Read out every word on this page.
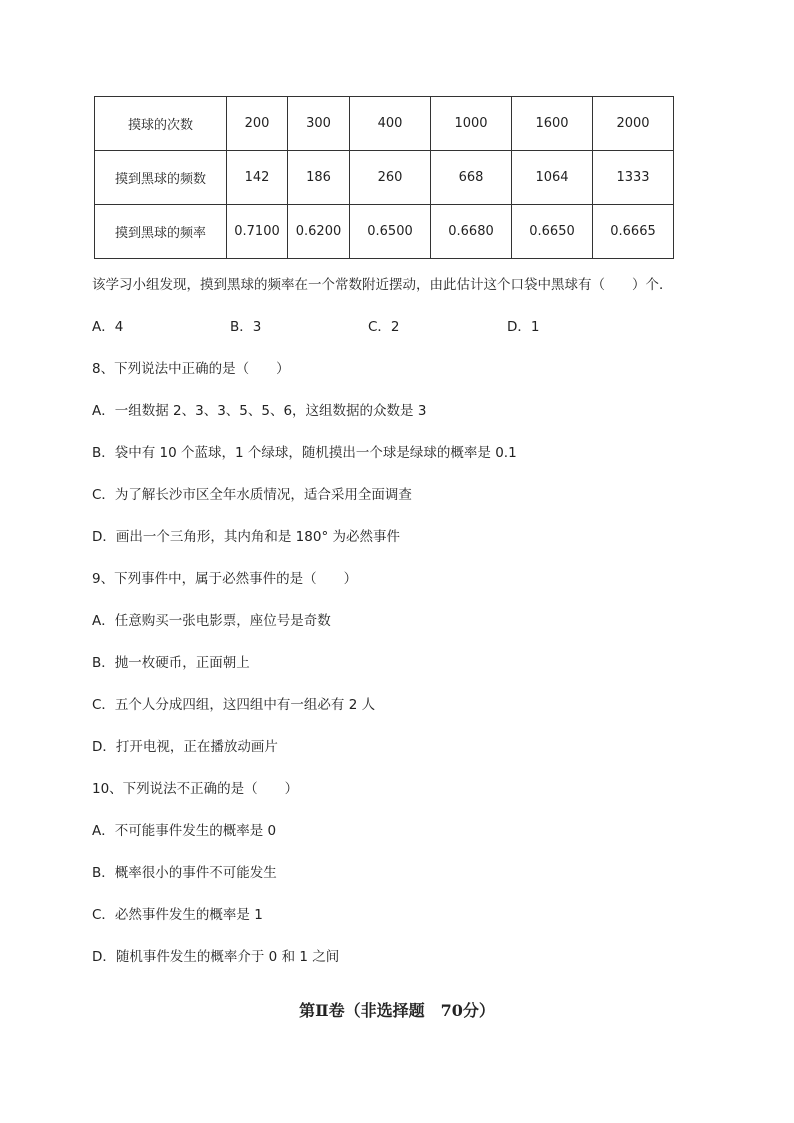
摸球的次数	200	300	400	1000	1600	2000
摸到黑球的频数	142	186	260	668	1064	1333
摸到黑球的频率	0.7100	0.6200	0.6500	0.6680	0.6650	0.6665
该学习小组发现，摸到黑球的频率在一个常数附近摆动，由此估计这个口袋中黑球有（　　）个．
A．4	B．3	C．2	D．1
8、下列说法中正确的是（　　）
A．一组数据 2、3、3、5、5、6，这组数据的众数是 3
B．袋中有 10 个蓝球，1 个绿球，随机摸出一个球是绿球的概率是 0.1
C．为了解长沙市区全年水质情况，适合采用全面调查
D．画出一个三角形，其内角和是 180° 为必然事件
9、下列事件中，属于必然事件的是（　　）
A．任意购买一张电影票，座位号是奇数
B．抛一枚硬币，正面朝上
C．五个人分成四组，这四组中有一组必有 2 人
D．打开电视，正在播放动画片
10、下列说法不正确的是（　　）
A．不可能事件发生的概率是 0
B．概率很小的事件不可能发生
C．必然事件发生的概率是 1
D．随机事件发生的概率介于 0 和 1 之间
第Ⅱ卷（非选择题　70分）
